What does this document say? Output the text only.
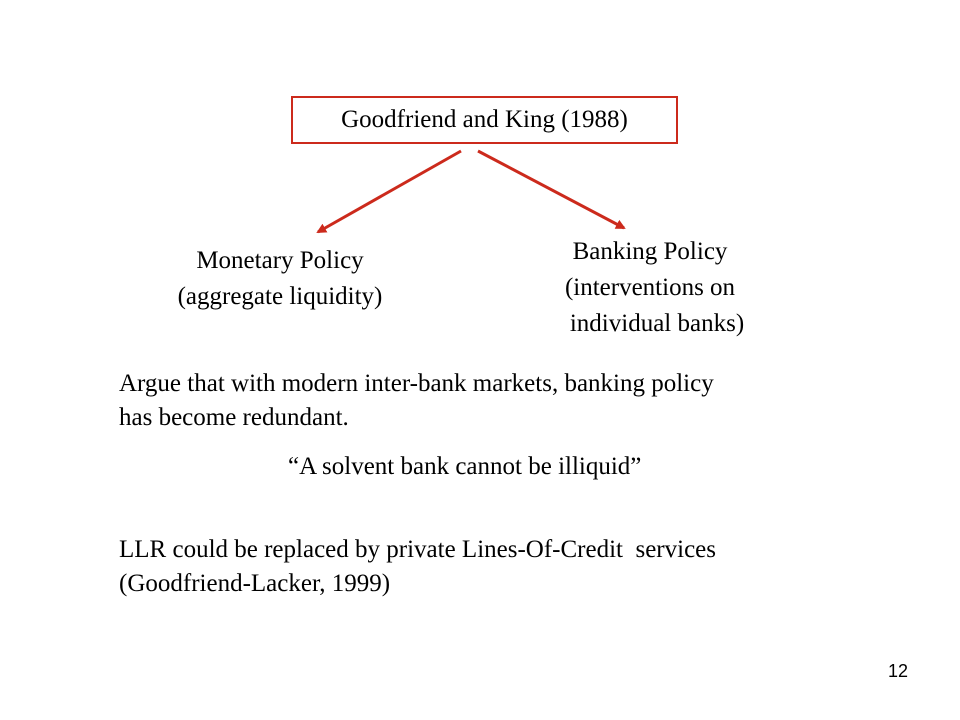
Goodfriend and King (1988)
Monetary Policy
(aggregate liquidity)
Banking Policy
(interventions on
individual banks)
Argue that with modern inter-bank markets, banking policy
has become redundant.
“A solvent bank cannot be illiquid”
LLR could be replaced by private Lines-Of-Credit  services
(Goodfriend-Lacker, 1999)
12
